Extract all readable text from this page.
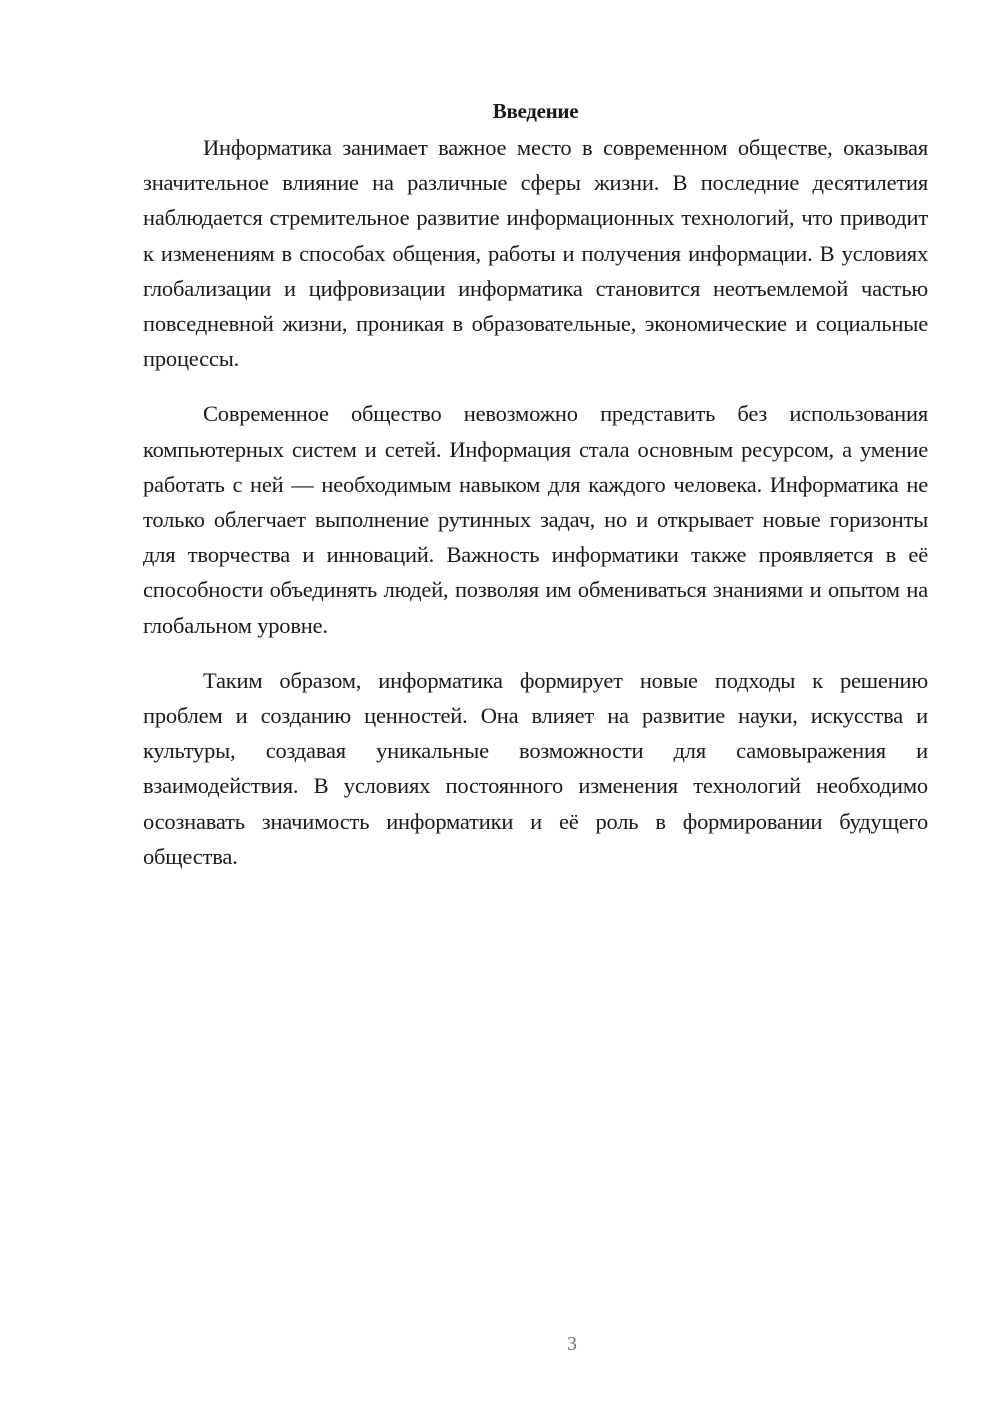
Введение

Информатика занимает важное место в современном обществе, оказывая значительное влияние на различные сферы жизни. В последние десятилетия наблюдается стремительное развитие информационных технологий, что приводит к изменениям в способах общения, работы и получения информации. В условиях глобализации и цифровизации информатика становится неотъемлемой частью повседневной жизни, проникая в образовательные, экономические и социальные процессы.

Современное общество невозможно представить без использования компьютерных систем и сетей. Информация стала основным ресурсом, а умение работать с ней — необходимым навыком для каждого человека. Информатика не только облегчает выполнение рутинных задач, но и открывает новые горизонты для творчества и инноваций. Важность информатики также проявляется в её способности объединять людей, позволяя им обмениваться знаниями и опытом на глобальном уровне.

Таким образом, информатика формирует новые подходы к решению проблем и созданию ценностей. Она влияет на развитие науки, искусства и культуры, создавая уникальные возможности для самовыражения и взаимодействия. В условиях постоянного изменения технологий необходимо осознавать значимость информатики и её роль в формировании будущего общества.

3
